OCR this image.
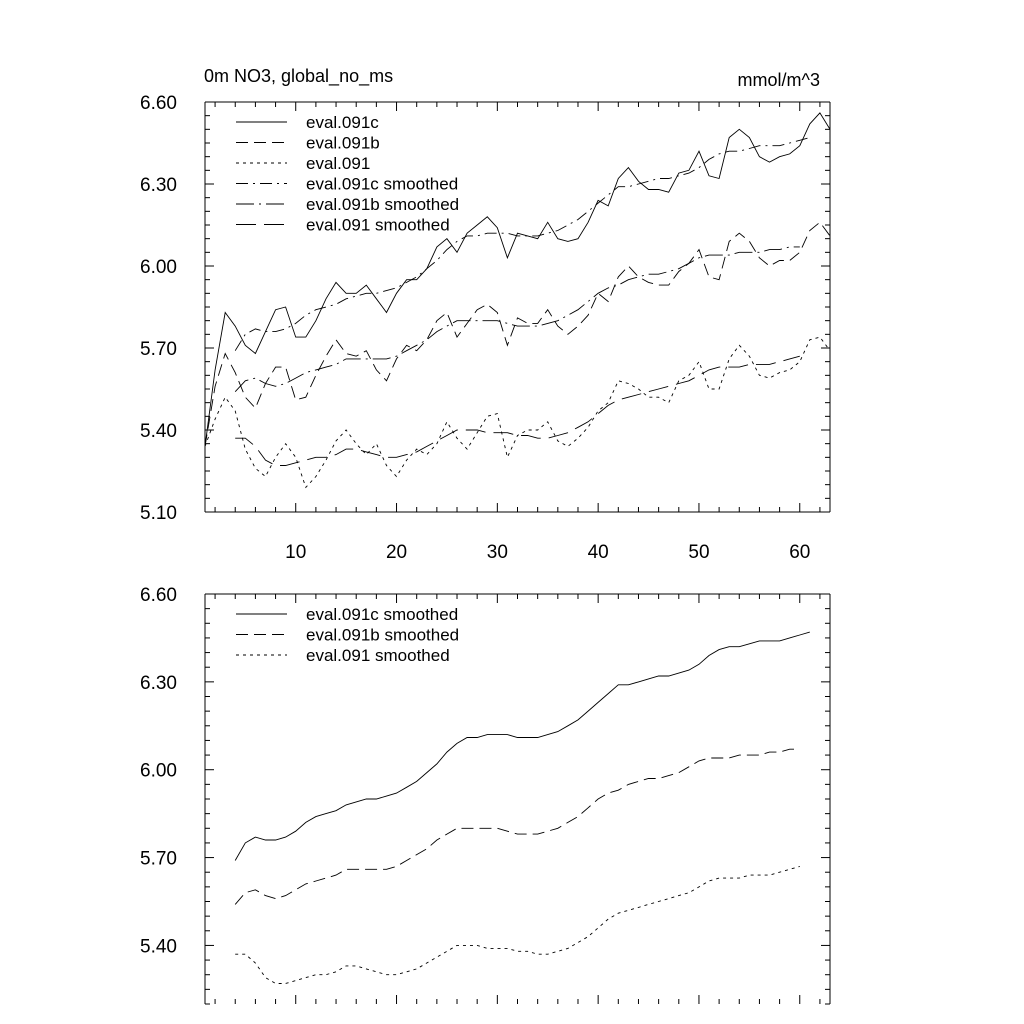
0m NO3, global_no_ms	mmol/m^3
5.10
5.40
5.70
6.00
6.30
6.60
10	20	30	40	50	60
eval.091c
eval.091b
eval.091
eval.091c smoothed
eval.091b smoothed
eval.091 smoothed
5.40
5.70
6.00
6.30
6.60
eval.091c smoothed
eval.091b smoothed
eval.091 smoothed
